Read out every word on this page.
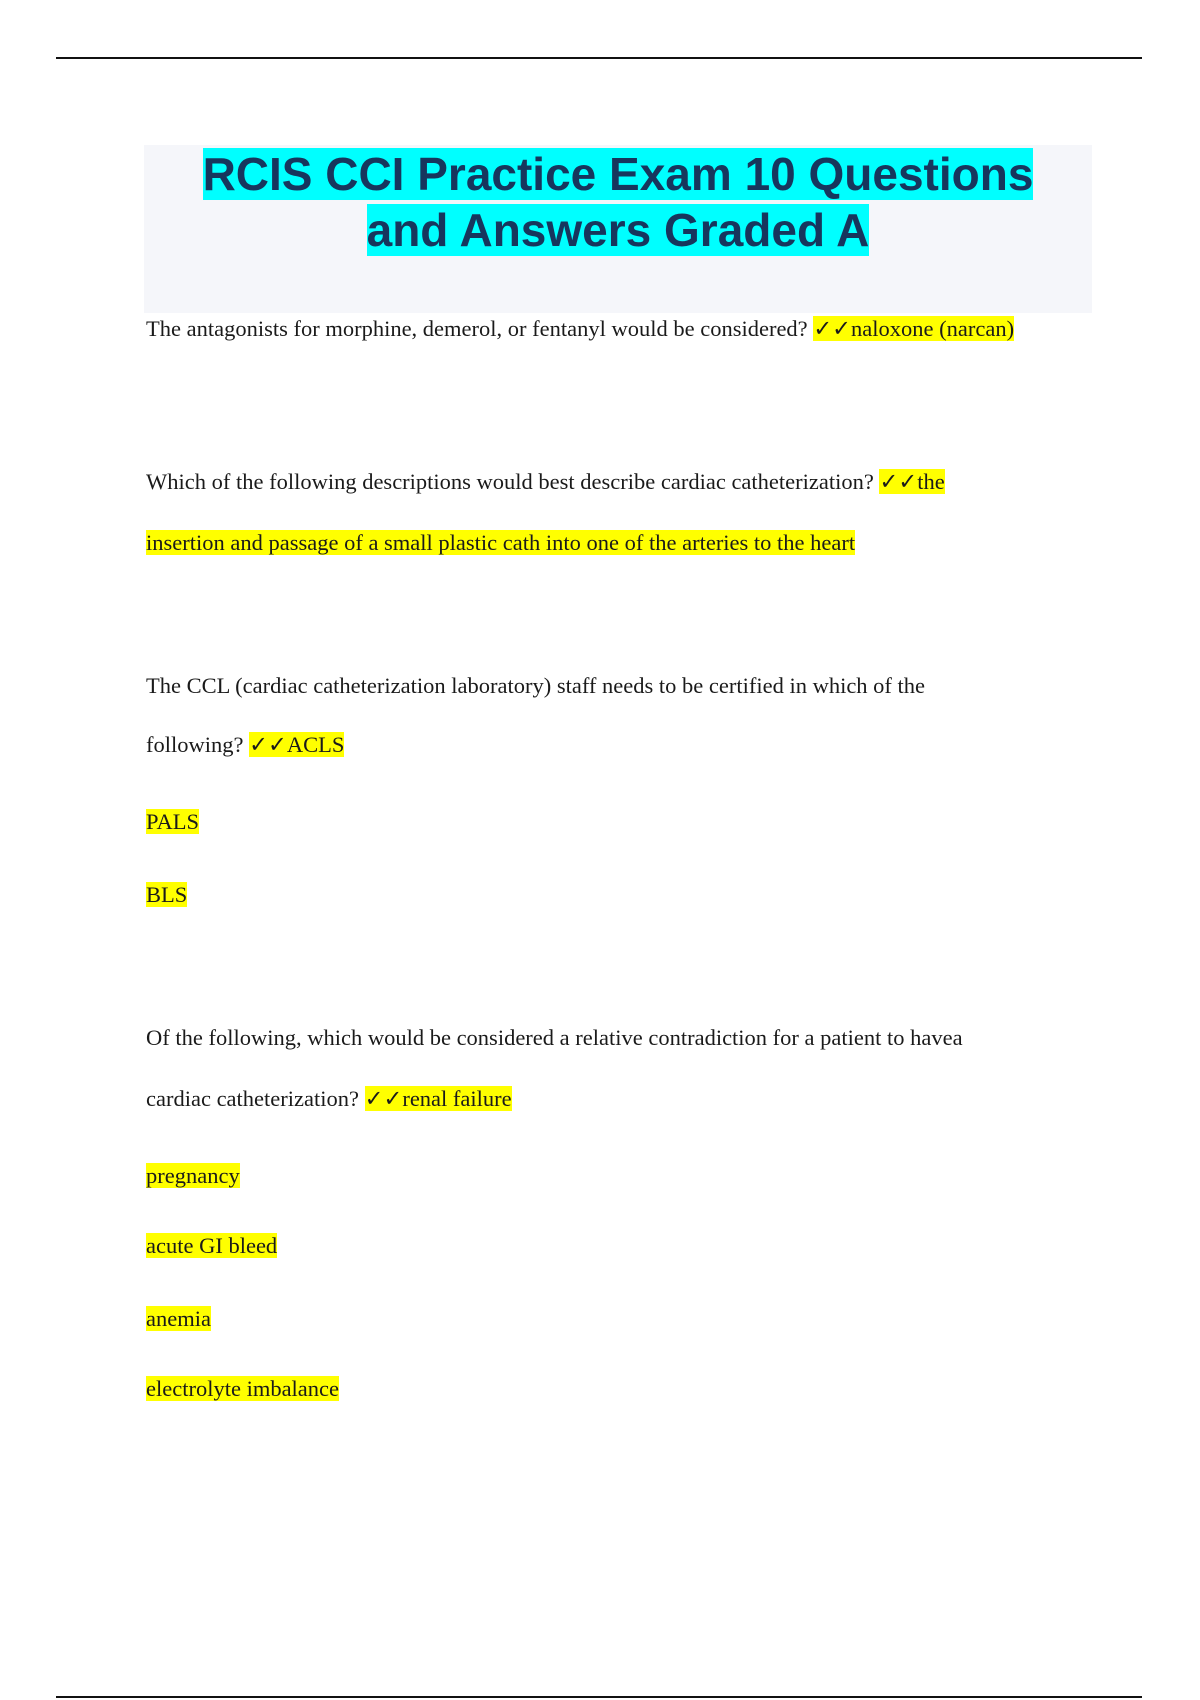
RCIS CCI Practice Exam 10 Questions
and Answers Graded A

The antagonists for morphine, demerol, or fentanyl would be considered? ✓✓naloxone (narcan)

Which of the following descriptions would best describe cardiac catheterization? ✓✓the

insertion and passage of a small plastic cath into one of the arteries to the heart

The CCL (cardiac catheterization laboratory) staff needs to be certified in which of the

following? ✓✓ACLS

PALS

BLS

Of the following, which would be considered a relative contradiction for a patient to havea

cardiac catheterization? ✓✓renal failure

pregnancy

acute GI bleed

anemia

electrolyte imbalance
